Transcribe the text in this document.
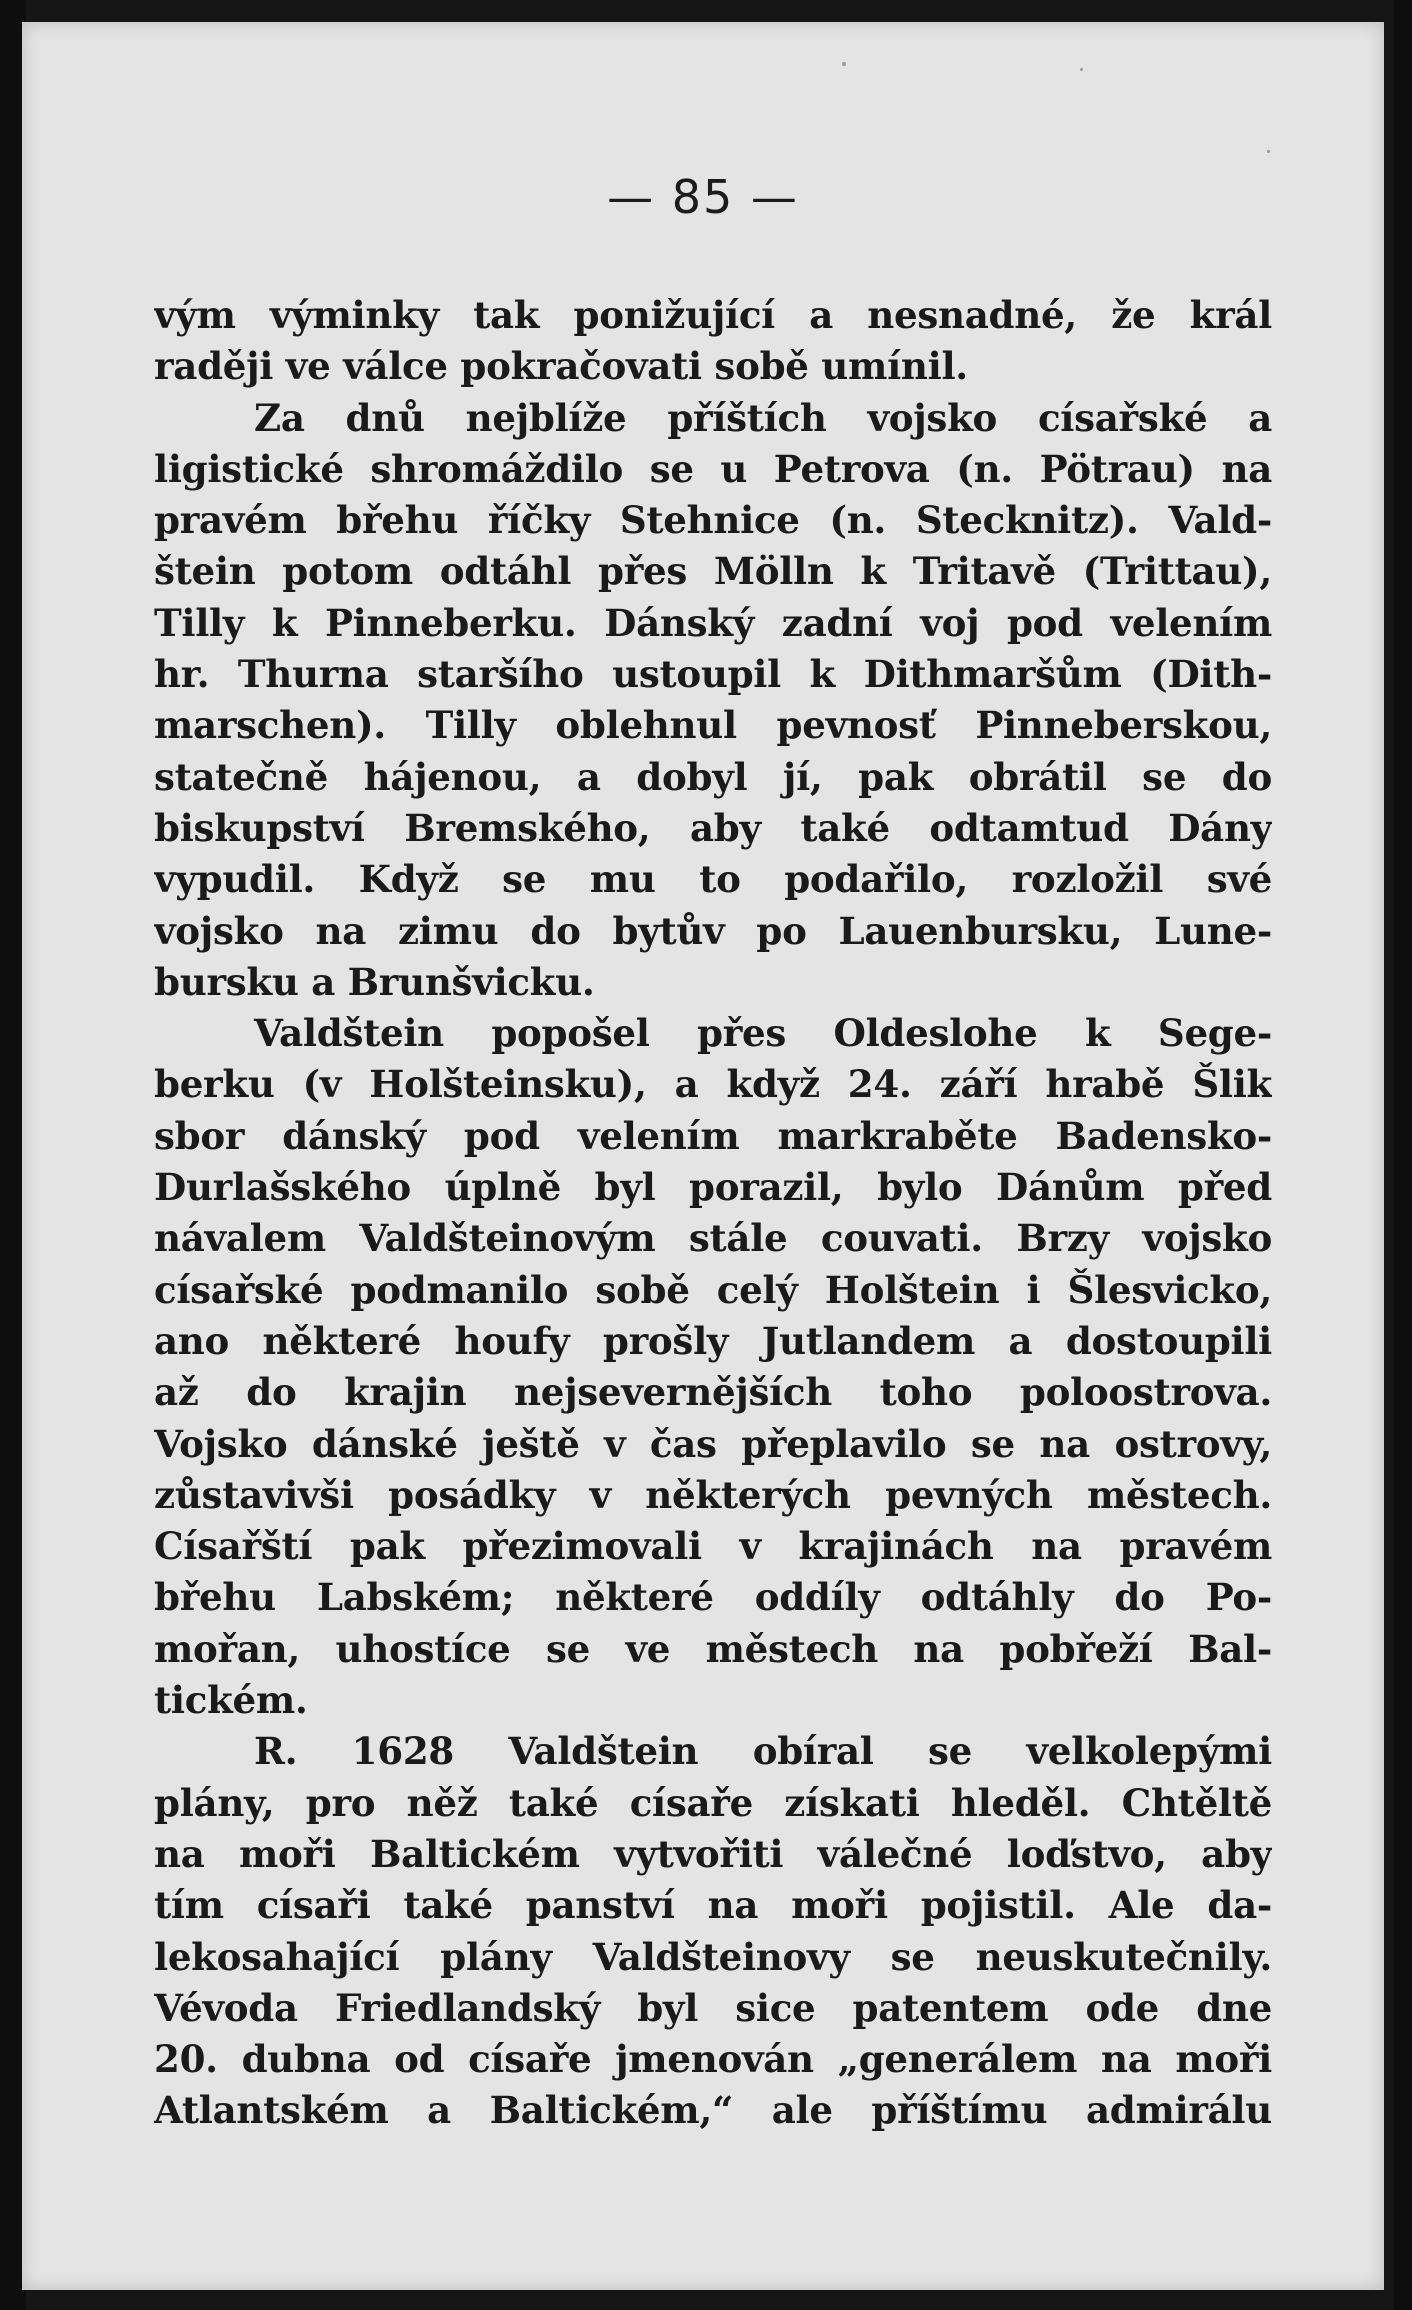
— 85 —
vým výminky tak ponižující a nesnadné, že král
raději ve válce pokračovati sobě umínil.
Za dnů nejblíže příštích vojsko císařské a
ligistické shromáždilo se u Petrova (n. Pötrau) na
pravém břehu říčky Stehnice (n. Stecknitz). Vald-
štein potom odtáhl přes Mölln k Tritavě (Trittau),
Tilly k Pinneberku. Dánský zadní voj pod velením
hr. Thurna staršího ustoupil k Dithmaršům (Dith-
marschen). Tilly oblehnul pevnosť Pinneberskou,
statečně hájenou, a dobyl jí, pak obrátil se do
biskupství Bremského, aby také odtamtud Dány
vypudil. Když se mu to podařilo, rozložil své
vojsko na zimu do bytův po Lauenbursku, Lune-
bursku a Brunšvicku.
Valdštein popošel přes Oldeslohe k Sege-
berku (v Holšteinsku), a když 24. září hrabě Šlik
sbor dánský pod velením markraběte Badensko-
Durlašského úplně byl porazil, bylo Dánům před
návalem Valdšteinovým stále couvati. Brzy vojsko
císařské podmanilo sobě celý Holštein i Šlesvicko,
ano některé houfy prošly Jutlandem a dostoupili
až do krajin nejsevernějších toho poloostrova.
Vojsko dánské ještě v čas přeplavilo se na ostrovy,
zůstavivši posádky v některých pevných městech.
Císařští pak přezimovali v krajinách na pravém
břehu Labském; některé oddíly odtáhly do Po-
mořan, uhostíce se ve městech na pobřeží Bal-
tickém.
R. 1628 Valdštein obíral se velkolepými
plány, pro něž také císaře získati hleděl. Chtěltě
na moři Baltickém vytvořiti válečné loďstvo, aby
tím císaři také panství na moři pojistil. Ale da-
lekosahající plány Valdšteinovy se neuskutečnily.
Vévoda Friedlandský byl sice patentem ode dne
20. dubna od císaře jmenován „generálem na moři
Atlantském a Baltickém,“ ale příštímu admirálu
